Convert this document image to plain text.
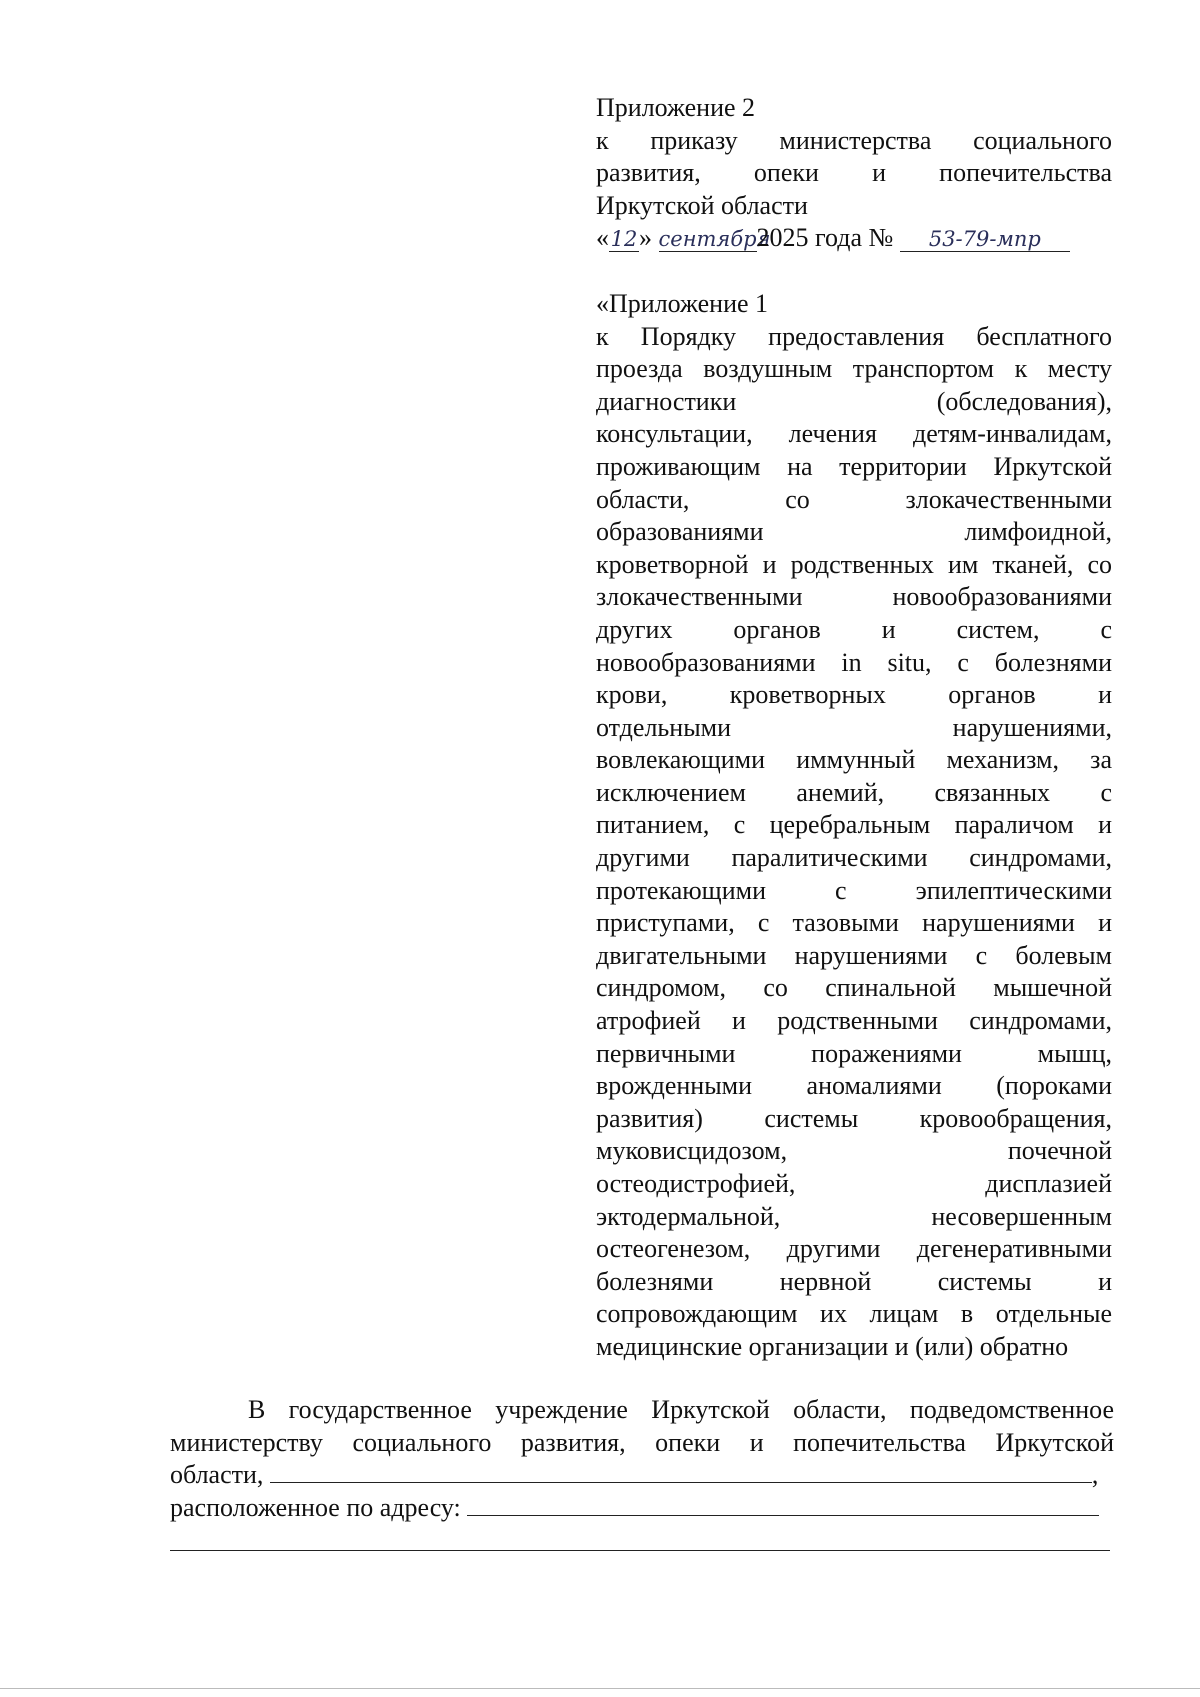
Приложение 2
к приказу министерства социального
развития, опеки и попечительства
Иркутской области
«12» сентября2025 года № 53-79-мпр
«Приложение 1
к Порядку предоставления бесплатного
проезда воздушным транспортом к месту
диагностики (обследования),
консультации, лечения детям-инвалидам,
проживающим на территории Иркутской
области, со злокачественными
образованиями лимфоидной,
кроветворной и родственных им тканей, со
злокачественными новообразованиями
других органов и систем, с
новообразованиями in situ, с болезнями
крови, кроветворных органов и
отдельными нарушениями,
вовлекающими иммунный механизм, за
исключением анемий, связанных с
питанием, с церебральным параличом и
другими паралитическими синдромами,
протекающими с эпилептическими
приступами, с тазовыми нарушениями и
двигательными нарушениями с болевым
синдромом, со спинальной мышечной
атрофией и родственными синдромами,
первичными поражениями мышц,
врожденными аномалиями (пороками
развития) системы кровообращения,
муковисцидозом, почечной
остеодистрофией, дисплазией
эктодермальной, несовершенным
остеогенезом, другими дегенеративными
болезнями нервной системы и
сопровождающим их лицам в отдельные
медицинские организации и (или) обратно
В государственное учреждение Иркутской области, подведомственное
министерству социального развития, опеки и попечительства Иркутской
области,	,
расположенное по адресу:
